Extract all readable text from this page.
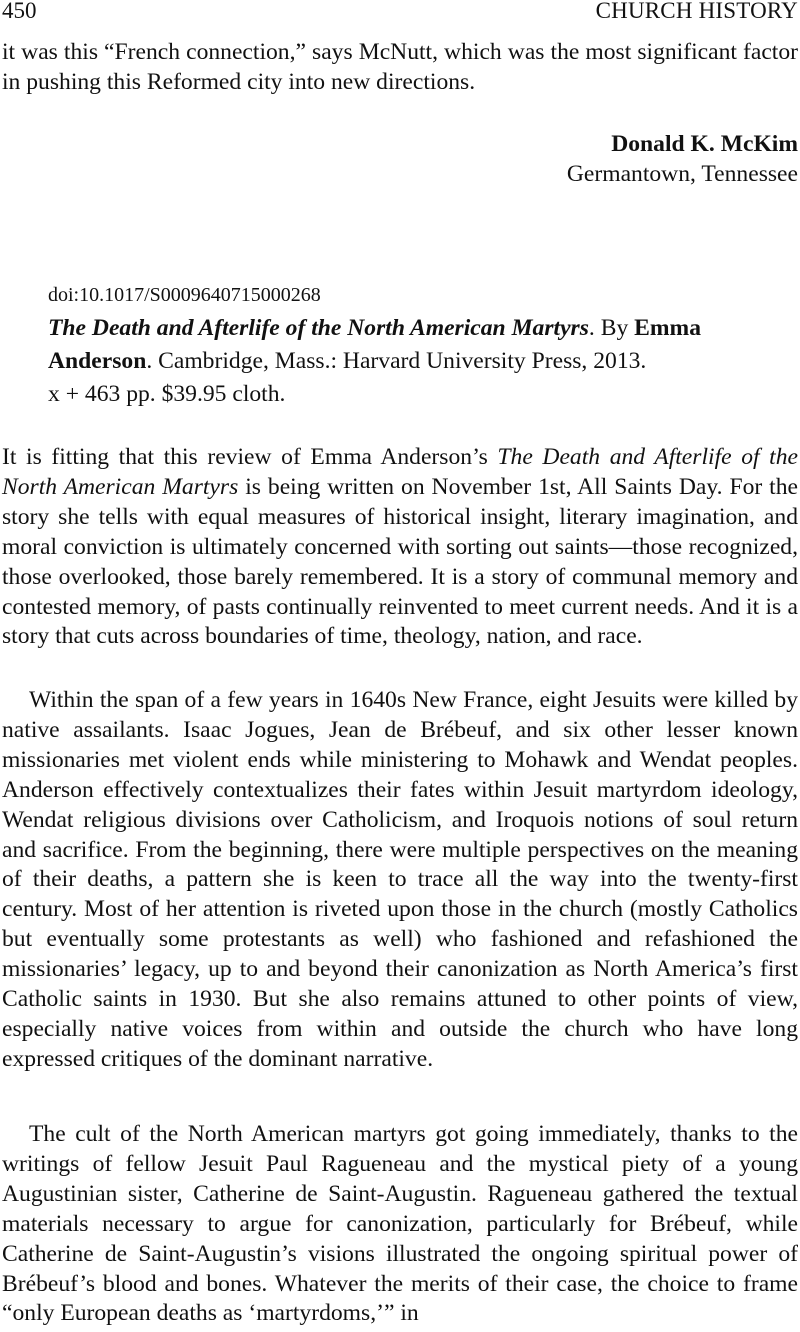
450	CHURCH HISTORY

it was this “French connection,” says McNutt, which was the most significant factor in pushing this Reformed city into new directions.

Donald K. McKim
Germantown, Tennessee
doi:10.1017/S0009640715000268
The Death and Afterlife of the North American Martyrs. By Emma
Anderson. Cambridge, Mass.: Harvard University Press, 2013.
x + 463 pp. $39.95 cloth.

It is fitting that this review of Emma Anderson’s The Death and Afterlife of the North American Martyrs is being written on November 1st, All Saints Day. For the story she tells with equal measures of historical insight, literary imagination, and moral conviction is ultimately concerned with sorting out saints—those recognized, those overlooked, those barely remembered. It is a story of communal memory and contested memory, of pasts continually reinvented to meet current needs. And it is a story that cuts across boundaries of time, theology, nation, and race.

Within the span of a few years in 1640s New France, eight Jesuits were killed by native assailants. Isaac Jogues, Jean de Brébeuf, and six other lesser known missionaries met violent ends while ministering to Mohawk and Wendat peoples. Anderson effectively contextualizes their fates within Jesuit martyrdom ideology, Wendat religious divisions over Catholicism, and Iroquois notions of soul return and sacrifice. From the beginning, there were multiple perspectives on the meaning of their deaths, a pattern she is keen to trace all the way into the twenty-first century. Most of her attention is riveted upon those in the church (mostly Catholics but eventually some protestants as well) who fashioned and refashioned the missionaries’ legacy, up to and beyond their canonization as North America’s first Catholic saints in 1930. But she also remains attuned to other points of view, especially native voices from within and outside the church who have long expressed critiques of the dominant narrative.

The cult of the North American martyrs got going immediately, thanks to the writings of fellow Jesuit Paul Ragueneau and the mystical piety of a young Augustinian sister, Catherine de Saint-Augustin. Ragueneau gathered the textual materials necessary to argue for canonization, particularly for Brébeuf, while Catherine de Saint-Augustin’s visions illustrated the ongoing spiritual power of Brébeuf’s blood and bones. Whatever the merits of their case, the choice to frame “only European deaths as ‘martyrdoms,’” in
